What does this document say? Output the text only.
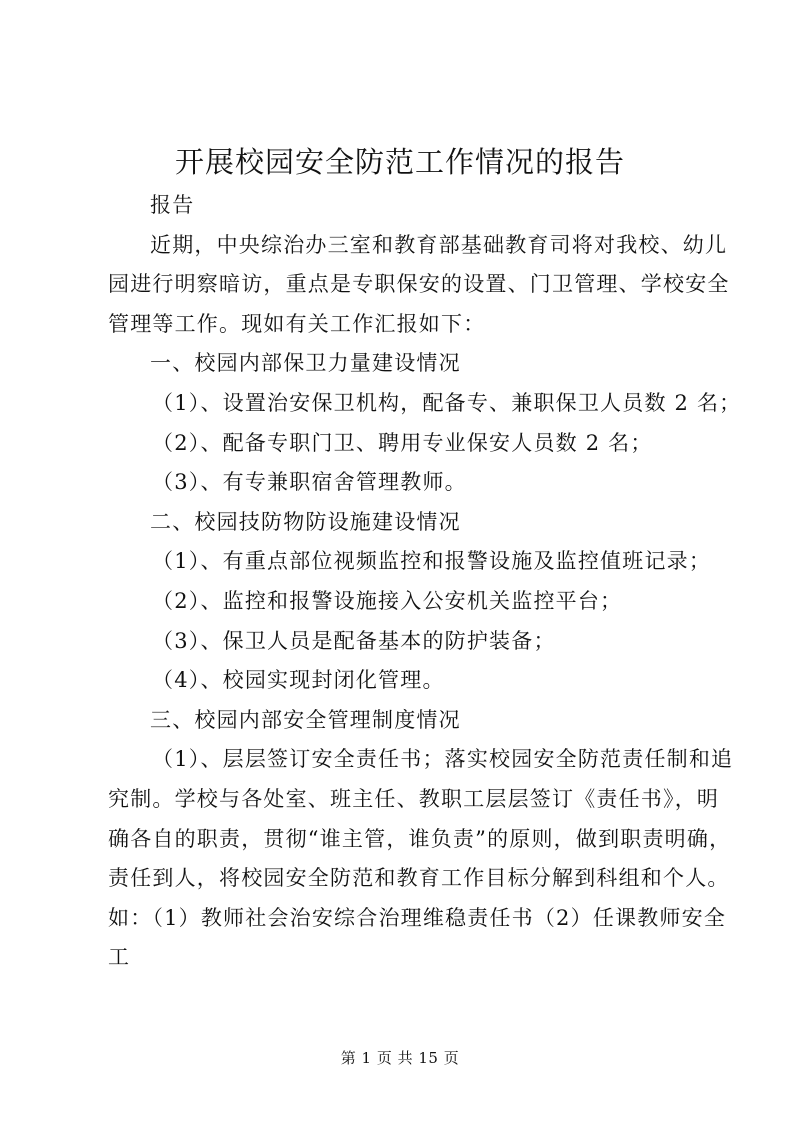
开展校园安全防范工作情况的报告
报告
近期，中央综治办三室和教育部基础教育司将对我校、幼儿
园进行明察暗访，重点是专职保安的设置、门卫管理、学校安全
管理等工作。现如有关工作汇报如下：
一、校园内部保卫力量建设情况
（1）、设置治安保卫机构，配备专、兼职保卫人员数 2 名；
（2）、配备专职门卫、聘用专业保安人员数 2 名；
（3）、有专兼职宿舍管理教师。
二、校园技防物防设施建设情况
（1）、有重点部位视频监控和报警设施及监控值班记录；
（2）、监控和报警设施接入公安机关监控平台；
（3）、保卫人员是配备基本的防护装备；
（4）、校园实现封闭化管理。
三、校园内部安全管理制度情况
（1）、层层签订安全责任书；落实校园安全防范责任制和追
究制。学校与各处室、班主任、教职工层层签订《责任书》，明
确各自的职责，贯彻“谁主管，谁负责”的原则，做到职责明确，
责任到人，将校园安全防范和教育工作目标分解到科组和个人。
如：（1）教师社会治安综合治理维稳责任书（2）任课教师安全
工
第 1 页 共 15 页
